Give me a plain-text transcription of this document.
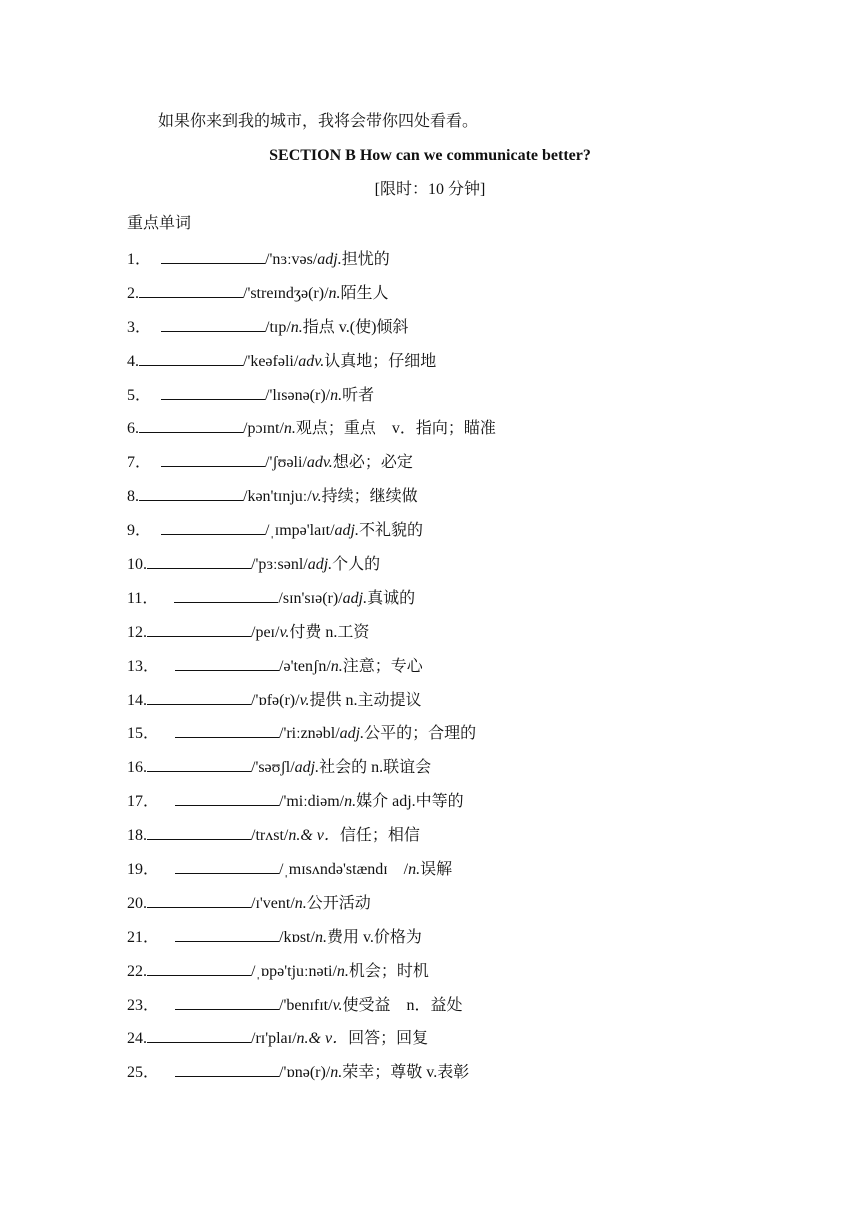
如果你来到我的城市，我将会带你四处看看。
SECTION B How can we communicate better?
[限时：10 分钟]
重点单词
1．	/'nɜːvəs/adj.担忧的
2.	/'streɪndʒə(r)/n.陌生人
3．	/tɪp/n.指点 v.(使)倾斜
4.	/'keəfəli/adv.认真地；仔细地
5．	/'lɪsənə(r)/n.听者
6.	/pɔɪnt/n.观点；重点　v．指向；瞄准
7．	/'ʃʊəli/adv.想必；必定
8.	/kən'tɪnjuː/v.持续；继续做
9．	/ˌɪmpə'laɪt/adj.不礼貌的
10.	/'pɜːsənl/adj.个人的
11．	/sɪn'sɪə(r)/adj.真诚的
12.	/peɪ/v.付费 n.工资
13．	/ə'tenʃn/n.注意；专心
14.	/'ɒfə(r)/v.提供 n.主动提议
15．	/'riːznəbl/adj.公平的；合理的
16.	/'səʊʃl/adj.社会的 n.联谊会
17．	/'miːdiəm/n.媒介 adj.中等的
18.	/trʌst/n.& v．信任；相信
19．	/ˌmɪsʌndə'stændɪ　/n.误解
20.	/ɪ'vent/n.公开活动
21．	/kɒst/n.费用 v.价格为
22.	/ˌɒpə'tjuːnəti/n.机会；时机
23．	/'benɪfɪt/v.使受益　n．益处
24.	/rɪ'plaɪ/n.& v．回答；回复
25．	/'ɒnə(r)/n.荣幸；尊敬 v.表彰
